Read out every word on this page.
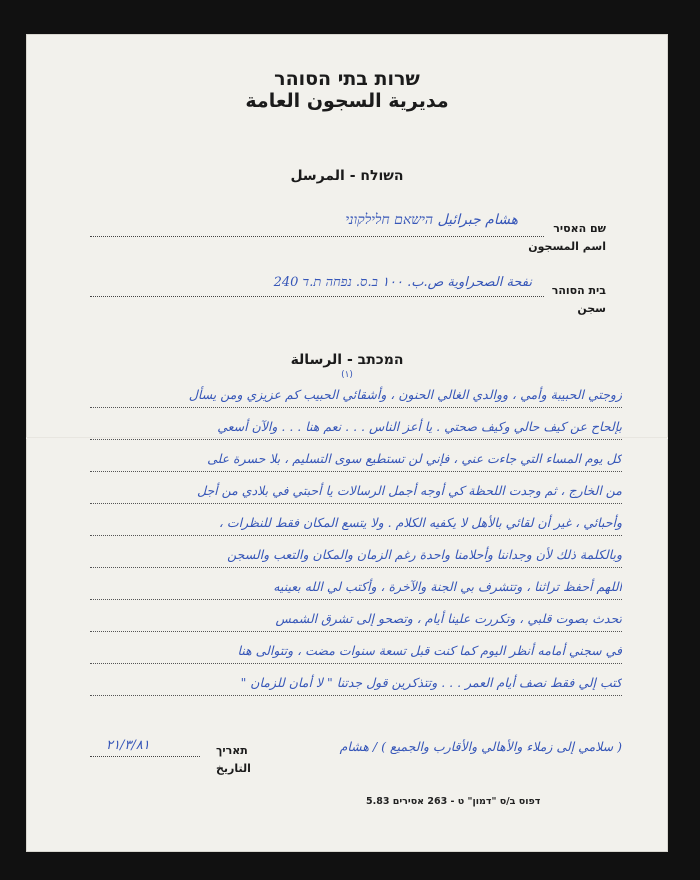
שרות בתי הסוהר
مديرية السجون العامة
השולח - المرسل
שם האסיר
اسم المسجون
هشام جبرائيل הישאם חלילקוני
בית הסוהר
سجن
نفحة الصحراوية ص.ب. ١٠٠ ב.ס. נפחה ת.ד 240
המכתב - الرسالة
(١)
زوجتي الحبيبة وأمي ، ووالدي الغالي الحنون ، وأشقائي الحبيب كم عزيزي ومن يسأل
بإلحاح عن كيف حالي وكيف صحتي . يا أعز الناس . . . نعم هنا . . . والآن أسعي
كل يوم المساء التي جاءت عني ، فإني لن تستطيع سوى التسليم ، بلا حسرة على
من الخارج ، ثم وجدت اللحظة كي أوجه أجمل الرسالات يا أحبتي في بلادي من أجل
وأحبائي ، غير أن لقائي بالأهل لا يكفيه الكلام . ولا يتسع المكان فقط للنظرات ،
وبالكلمة ذلك لأن وجداننا وأحلامنا واحدة رغم الزمان والمكان والتعب والسجن
اللهم أحفظ تراثنا ، وتتشرف بي الجنة والآخرة ، وأكتب لي الله بعينيه
تحدث بصوت قلبي ، وتكررت علينا أيام ، وتصحو إلى تشرق الشمس
في سجني أمامه أنظر اليوم كما كنت قبل تسعة سنوات مضت ، وتتوالى هنا
كتب إلي فقط نصف أيام العمر . . . وتتذكرين قول جدتنا " لا أمان للزمان "
( سلامي إلى زملاء والأهالي والأقارب والجميع ) / هشام
٢١/٣/٨١	תאריך
التاريخ
דפוס ב/ס "דמון" ט - 263 אסירים 5.83
